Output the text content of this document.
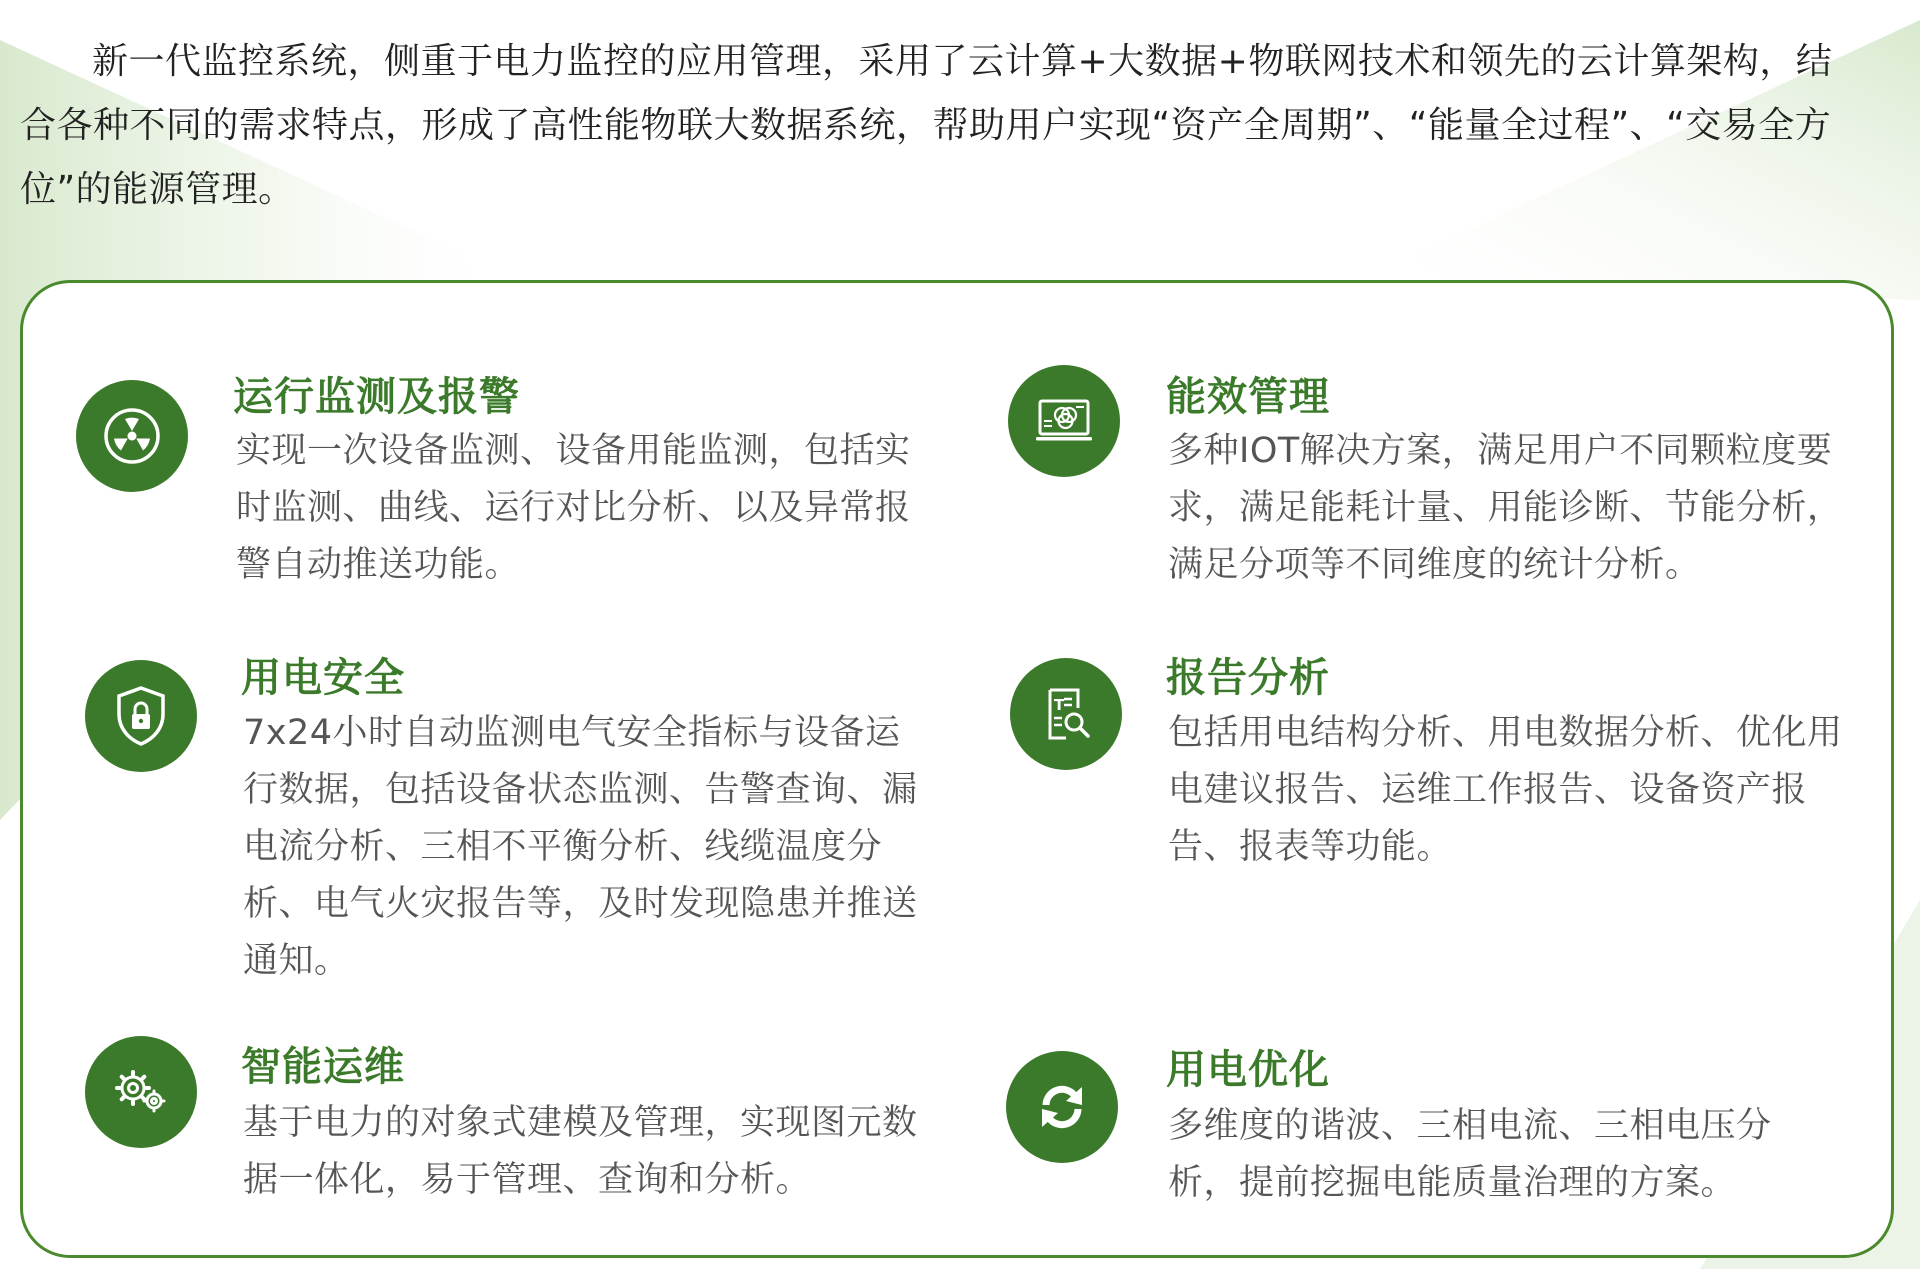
新一代监控系统，侧重于电力监控的应用管理，采用了云计算+大数据+物联网技术和领先的云计算架构，结合各种不同的需求特点，形成了高性能物联大数据系统，帮助用户实现“资产全周期”、“能量全过程”、“交易全方位”的能源管理。

运行监测及报警
实现一次设备监测、设备用能监测，包括实时监测、曲线、运行对比分析、以及异常报警自动推送功能。
能效管理
多种IOT解决方案，满足用户不同颗粒度要求，满足能耗计量、用能诊断、节能分析，满足分项等不同维度的统计分析。
用电安全
7x24小时自动监测电气安全指标与设备运行数据，包括设备状态监测、告警查询、漏电流分析、三相不平衡分析、线缆温度分析、电气火灾报告等，及时发现隐患并推送通知。
T
报告分析
包括用电结构分析、用电数据分析、优化用电建议报告、运维工作报告、设备资产报告、报表等功能。
智能运维
基于电力的对象式建模及管理，实现图元数据一体化，易于管理、查询和分析。
用电优化
多维度的谐波、三相电流、三相电压分析，提前挖掘电能质量治理的方案。
